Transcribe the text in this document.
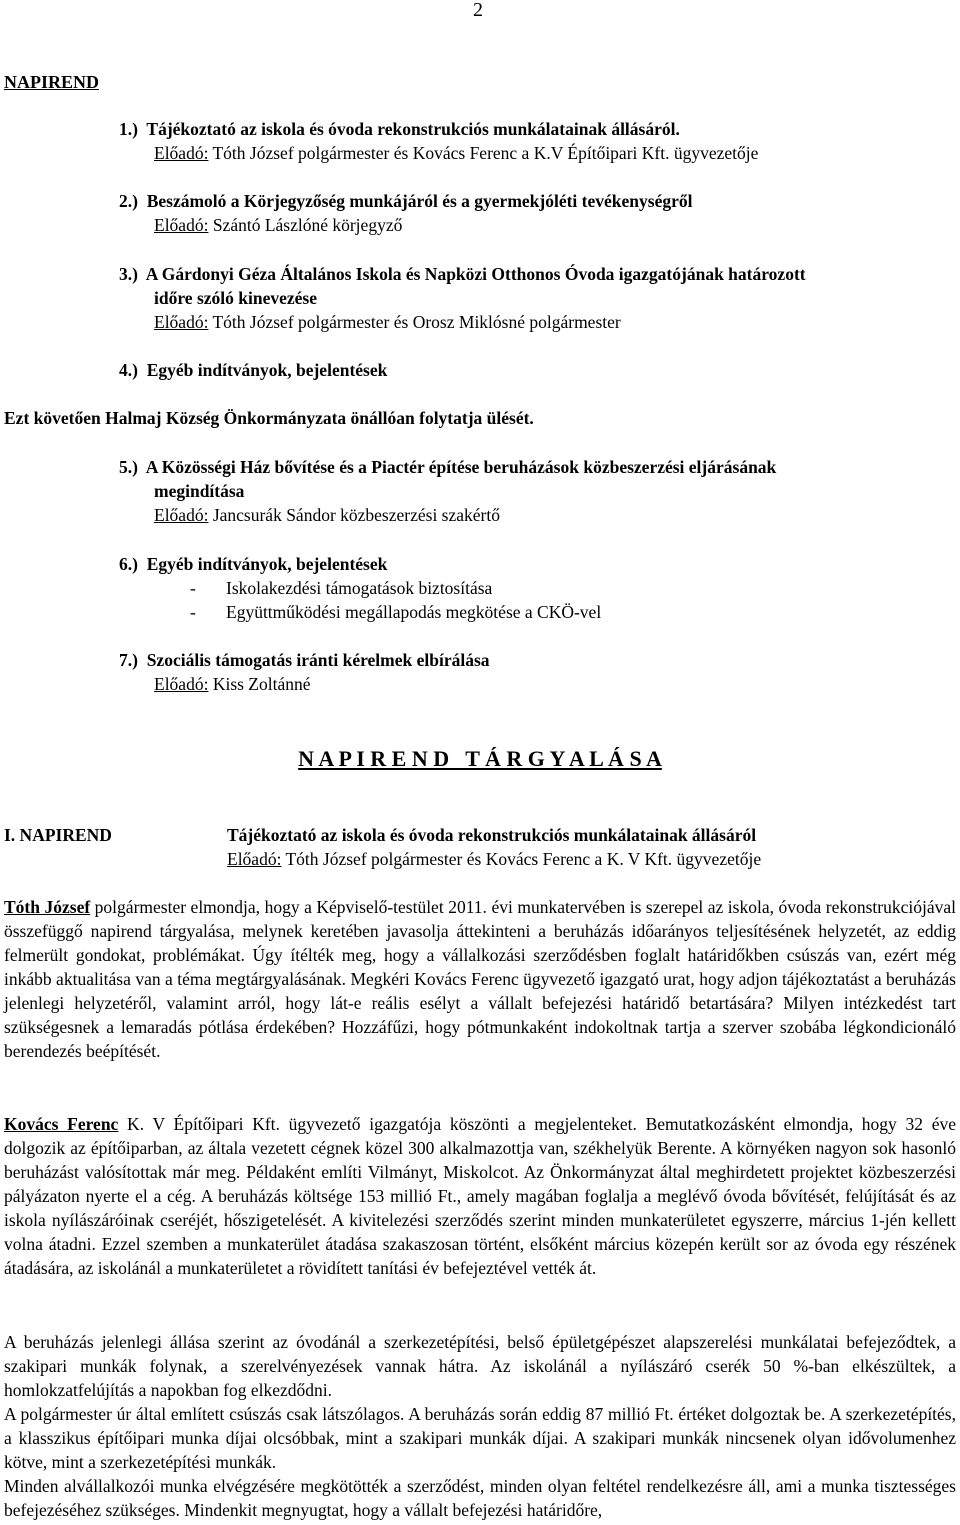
2
NAPIREND
1.) Tájékoztató az iskola és óvoda rekonstrukciós munkálatainak állásáról.
Előadó: Tóth József polgármester és Kovács Ferenc a K.V Építőipari Kft. ügyvezetője
2.) Beszámoló a Körjegyzőség munkájáról és a gyermekjóléti tevékenységről
Előadó: Szántó Lászlóné körjegyző
3.) A Gárdonyi Géza Általános Iskola és Napközi Otthonos Óvoda igazgatójának határozott
időre szóló kinevezése
Előadó: Tóth József polgármester és Orosz Miklósné polgármester
4.) Egyéb indítványok, bejelentések
Ezt követően Halmaj Község Önkormányzata önállóan folytatja ülését.
5.) A Közösségi Ház bővítése és a Piactér építése beruházások közbeszerzési eljárásának
megindítása
Előadó: Jancsurák Sándor közbeszerzési szakértő
6.) Egyéb indítványok, bejelentések
- Iskolakezdési támogatások biztosítása
- Együttműködési megállapodás megkötése a CKÖ-vel
7.) Szociális támogatás iránti kérelmek elbírálása
Előadó: Kiss Zoltánné
N A P I R E N D   T Á R G Y A L Á S A
I. NAPIREND	Tájékoztató az iskola és óvoda rekonstrukciós munkálatainak állásáról
Előadó: Tóth József polgármester és Kovács Ferenc a K. V Kft. ügyvezetője
Tóth József polgármester elmondja, hogy a Képviselő-testület 2011. évi munkatervében is szerepel az iskola, óvoda rekonstrukciójával összefüggő napirend tárgyalása, melynek keretében javasolja áttekinteni a beruházás időarányos teljesítésének helyzetét, az eddig felmerült gondokat, problémákat. Úgy ítélték meg, hogy a vállalkozási szerződésben foglalt határidőkben csúszás van, ezért még inkább aktualitása van a téma megtárgyalásának. Megkéri Kovács Ferenc ügyvezető igazgató urat, hogy adjon tájékoztatást a beruházás jelenlegi helyzetéről, valamint arról, hogy lát-e reális esélyt a vállalt befejezési határidő betartására? Milyen intézkedést tart szükségesnek a lemaradás pótlása érdekében? Hozzáfűzi, hogy pótmunkaként indokoltnak tartja a szerver szobába légkondicionáló berendezés beépítését.
Kovács Ferenc K. V Építőipari Kft. ügyvezető igazgatója köszönti a megjelenteket. Bemutatkozásként elmondja, hogy 32 éve dolgozik az építőiparban, az általa vezetett cégnek közel 300 alkalmazottja van, székhelyük Berente. A környéken nagyon sok hasonló beruházást valósítottak már meg. Példaként említi Vilmányt, Miskolcot. Az Önkormányzat által meghirdetett projektet közbeszerzési pályázaton nyerte el a cég. A beruházás költsége 153 millió Ft., amely magában foglalja a meglévő óvoda bővítését, felújítását és az iskola nyílászáróinak cseréjét, hőszigetelését. A kivitelezési szerződés szerint minden munkaterületet egyszerre, március 1-jén kellett volna átadni. Ezzel szemben a munkaterület átadása szakaszosan történt, elsőként március közepén került sor az óvoda egy részének átadására, az iskolánál a munkaterületet a rövidített tanítási év befejeztével vették át.
A beruházás jelenlegi állása szerint az óvodánál a szerkezetépítési, belső épületgépészet alapszerelési munkálatai befejeződtek, a szakipari munkák folynak, a szerelvényezések vannak hátra. Az iskolánál a nyílászáró cserék 50 %-ban elkészültek, a homlokzatfelújítás a napokban fog elkezdődni.
A polgármester úr által említett csúszás csak látszólagos. A beruházás során eddig 87 millió Ft. értéket dolgoztak be. A szerkezetépítés, a klasszikus építőipari munka díjai olcsóbbak, mint a szakipari munkák díjai. A szakipari munkák nincsenek olyan idővolumenhez kötve, mint a szerkezetépítési munkák.
Minden alvállalkozói munka elvégzésére megkötötték a szerződést, minden olyan feltétel rendelkezésre áll, ami a munka tisztességes befejezéséhez szükséges. Mindenkit megnyugtat, hogy a vállalt befejezési határidőre,
